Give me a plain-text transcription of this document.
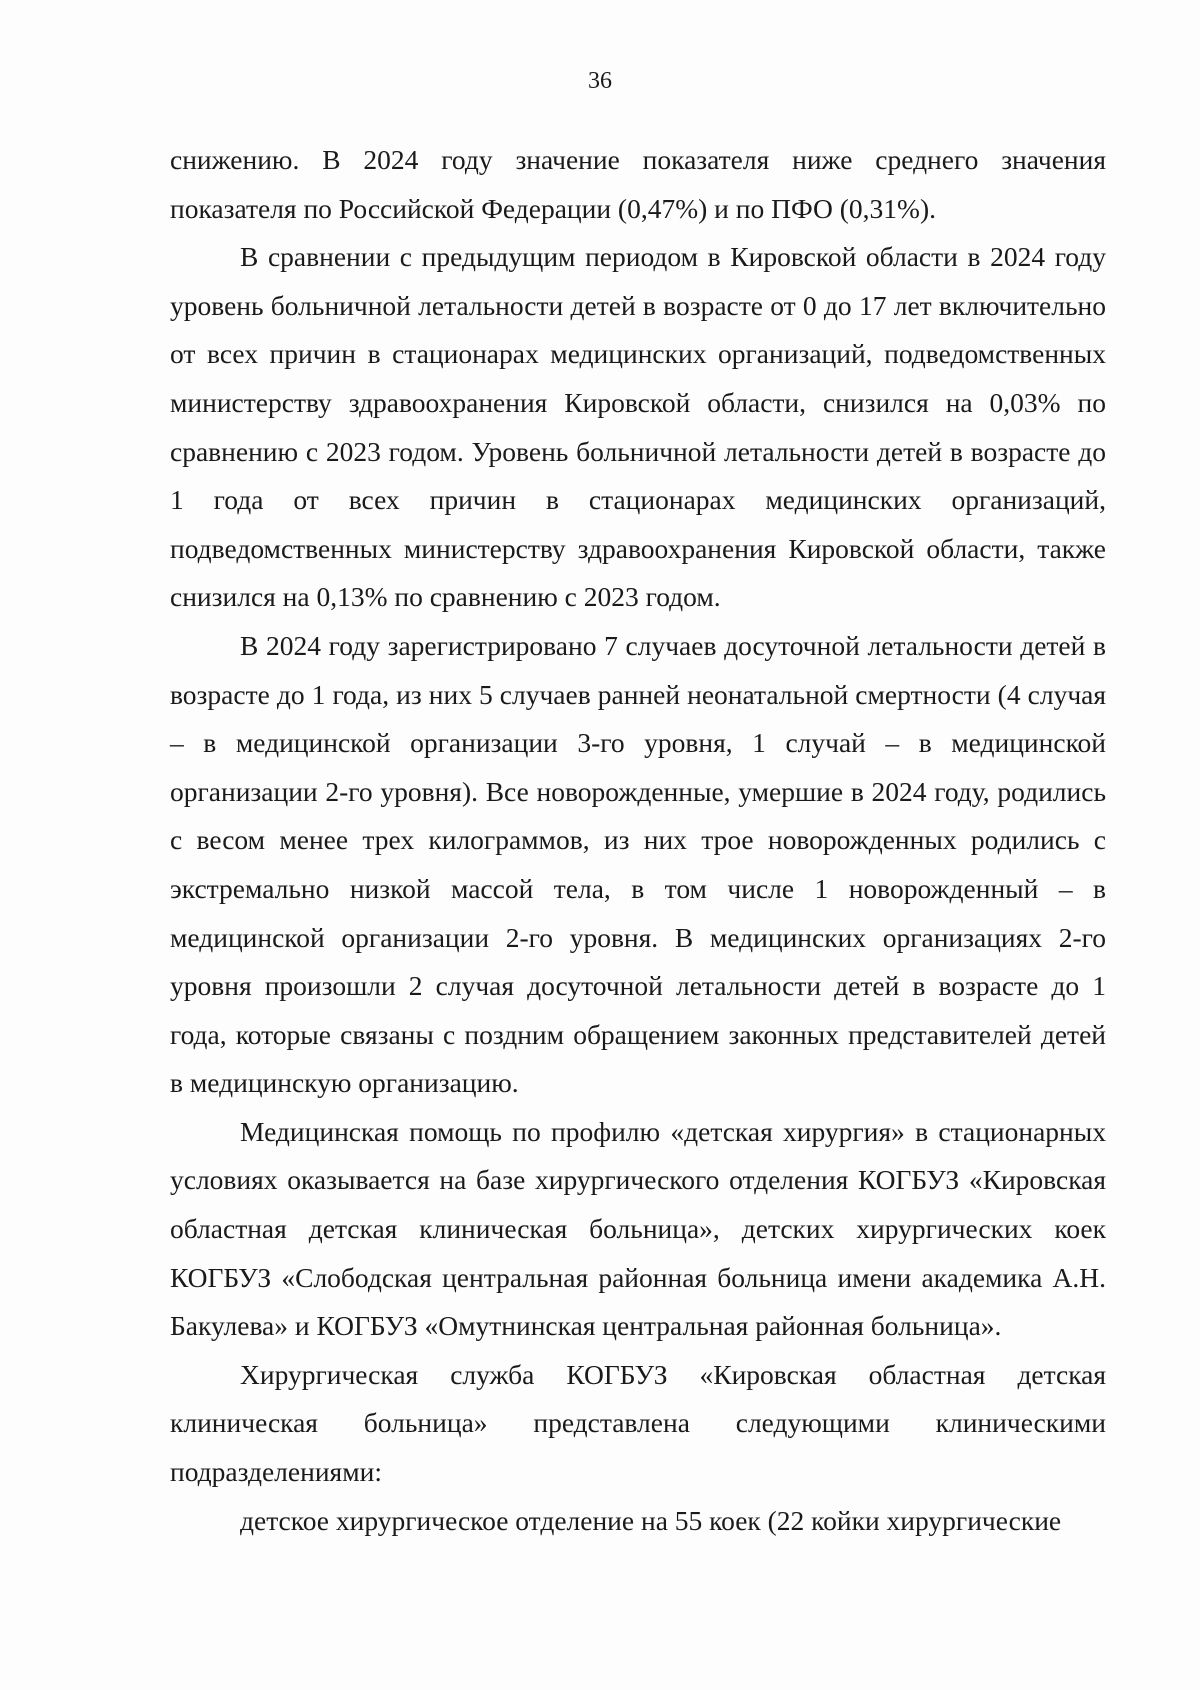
36

снижению. В 2024 году значение показателя ниже среднего значения показателя по Российской Федерации (0,47%) и по ПФО (0,31%).

В сравнении с предыдущим периодом в Кировской области в 2024 году уровень больничной летальности детей в возрасте от 0 до 17 лет включительно от всех причин в стационарах медицинских организаций, подведомственных министерству здравоохранения Кировской области, снизился на 0,03% по сравнению с 2023 годом. Уровень больничной летальности детей в возрасте до 1 года от всех причин в стационарах медицинских организаций, подведомственных министерству здравоохранения Кировской области, также снизился на 0,13% по сравнению с 2023 годом.

В 2024 году зарегистрировано 7 случаев досуточной летальности детей в возрасте до 1 года, из них 5 случаев ранней неонатальной смертности (4 случая – в медицинской организации 3-го уровня, 1 случай – в медицинской организации 2-го уровня). Все новорожденные, умершие в 2024 году, родились с весом менее трех килограммов, из них трое новорожденных родились с экстремально низкой массой тела, в том числе 1 новорожденный – в медицинской организации 2-го уровня. В медицинских организациях 2-го уровня произошли 2 случая досуточной летальности детей в возрасте до 1 года, которые связаны с поздним обращением законных представителей детей в медицинскую организацию.

Медицинская помощь по профилю «детская хирургия» в стационарных условиях оказывается на базе хирургического отделения КОГБУЗ «Кировская областная детская клиническая больница», детских хирургических коек КОГБУЗ «Слободская центральная районная больница имени академика А.Н. Бакулева» и КОГБУЗ «Омутнинская центральная районная больница».

Хирургическая служба КОГБУЗ «Кировская областная детская клиническая больница» представлена следующими клиническими подразделениями:

детское хирургическое отделение на 55 коек (22 койки хирургические
